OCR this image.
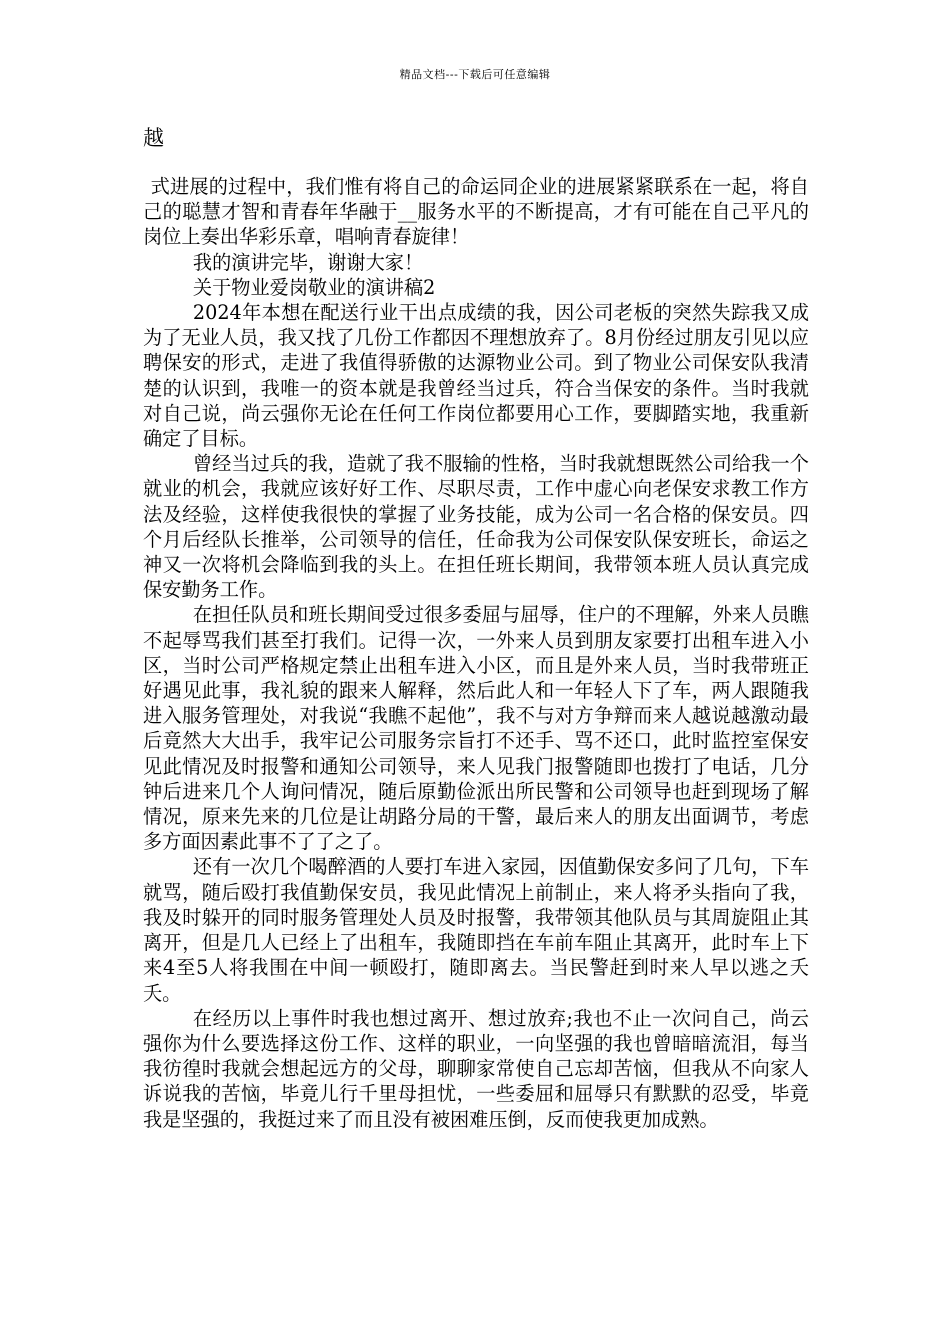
精品文档---下载后可任意编辑
越

式进展的过程中，我们惟有将自己的命运同企业的进展紧紧联系在一起，将自己的聪慧才智和青春年华融于__服务水平的不断提高，才有可能在自己平凡的岗位上奏出华彩乐章，唱响青春旋律！

我的演讲完毕，谢谢大家！

关于物业爱岗敬业的演讲稿2

2024年本想在配送行业干出点成绩的我，因公司老板的突然失踪我又成为了无业人员，我又找了几份工作都因不理想放弃了。8月份经过朋友引见以应聘保安的形式，走进了我值得骄傲的达源物业公司。到了物业公司保安队我清楚的认识到，我唯一的资本就是我曾经当过兵，符合当保安的条件。当时我就对自己说，尚云强你无论在任何工作岗位都要用心工作，要脚踏实地，我重新确定了目标。

曾经当过兵的我，造就了我不服输的性格，当时我就想既然公司给我一个就业的机会，我就应该好好工作、尽职尽责，工作中虚心向老保安求教工作方法及经验，这样使我很快的掌握了业务技能，成为公司一名合格的保安员。四个月后经队长推举，公司领导的信任，任命我为公司保安队保安班长，命运之神又一次将机会降临到我的头上。在担任班长期间，我带领本班人员认真完成保安勤务工作。

在担任队员和班长期间受过很多委屈与屈辱，住户的不理解，外来人员瞧不起辱骂我们甚至打我们。记得一次，一外来人员到朋友家要打出租车进入小区，当时公司严格规定禁止出租车进入小区，而且是外来人员，当时我带班正好遇见此事，我礼貌的跟来人解释，然后此人和一年轻人下了车，两人跟随我进入服务管理处，对我说“我瞧不起他”，我不与对方争辩而来人越说越激动最后竟然大大出手，我牢记公司服务宗旨打不还手、骂不还口，此时监控室保安见此情况及时报警和通知公司领导，来人见我门报警随即也拨打了电话，几分钟后进来几个人询问情况，随后原勤俭派出所民警和公司领导也赶到现场了解情况，原来先来的几位是让胡路分局的干警，最后来人的朋友出面调节，考虑多方面因素此事不了了之了。

还有一次几个喝醉酒的人要打车进入家园，因值勤保安多问了几句，下车就骂，随后殴打我值勤保安员，我见此情况上前制止，来人将矛头指向了我，我及时躲开的同时服务管理处人员及时报警，我带领其他队员与其周旋阻止其离开，但是几人已经上了出租车，我随即挡在车前车阻止其离开，此时车上下来4至5人将我围在中间一顿殴打，随即离去。当民警赶到时来人早以逃之夭夭。

在经历以上事件时我也想过离开、想过放弃;我也不止一次问自己，尚云强你为什么要选择这份工作、这样的职业，一向坚强的我也曾暗暗流泪，每当我彷徨时我就会想起远方的父母，聊聊家常使自己忘却苦恼，但我从不向家人诉说我的苦恼，毕竟儿行千里母担忧，一些委屈和屈辱只有默默的忍受，毕竟我是坚强的，我挺过来了而且没有被困难压倒，反而使我更加成熟。
